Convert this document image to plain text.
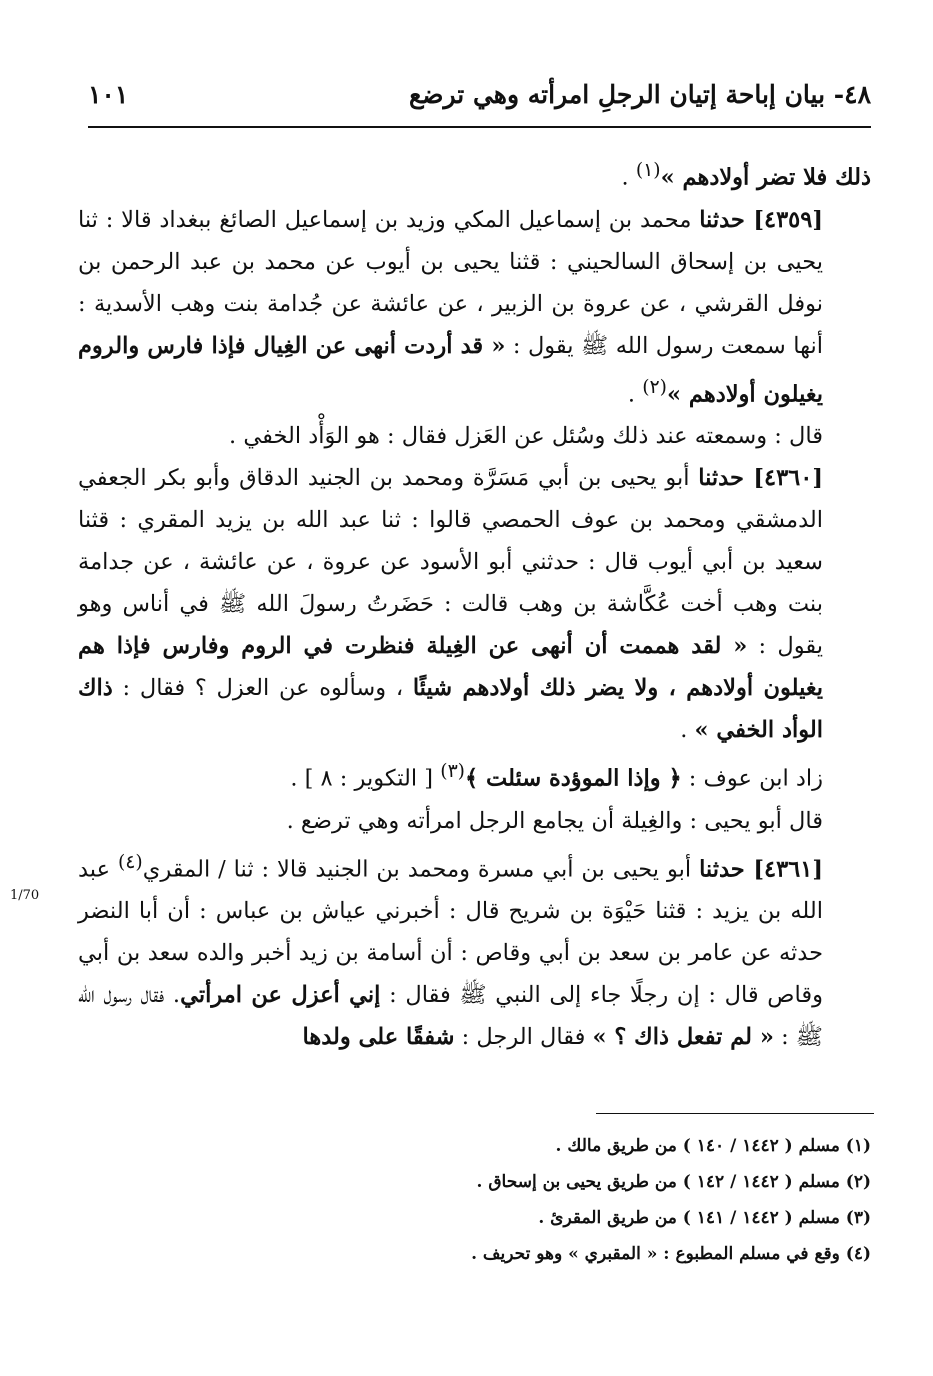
٤٨- بيان إباحة إتيان الرجلِ امرأته وهي ترضع
١٠١

ذلك فلا تضر أولادهم »$^{(١)}$ .

[٤٣٥٩] حدثنا محمد بن إسماعيل المكي وزيد بن إسماعيل الصائغ ببغداد قالا : ثنا يحيى بن إسحاق السالحيني : قثنا يحيى بن أيوب عن محمد بن عبد الرحمن بن نوفل القرشي ، عن عروة بن الزبير ، عن عائشة عن جُدامة بنت وهب الأسدية : أنها سمعت رسول الله ﷺ يقول : « قد أردت أنهى عن الغِيال فإذا فارس والروم يغيلون أولادهم »$^{(٢)}$ .

قال : وسمعته عند ذلك وسُئل عن العَزل فقال : هو الوَأْد الخفي .

[٤٣٦٠] حدثنا أبو يحيى بن أبي مَسَرَّة ومحمد بن الجنيد الدقاق وأبو بكر الجعفي الدمشقي ومحمد بن عوف الحمصي قالوا : ثنا عبد الله بن يزيد المقري : قثنا سعيد بن أبي أيوب قال : حدثني أبو الأسود عن عروة ، عن عائشة ، عن جدامة بنت وهب أخت عُكَّاشة بن وهب قالت : حَضَرتُ رسولَ الله ﷺ في أناس وهو يقول : « لقد هممت أن أنهى عن الغِيلة فنظرت في الروم وفارس فإذا هم يغيلون أولادهم ، ولا يضر ذلك أولادهم شيئًا ، وسألوه عن العزل ؟ فقال : ذاك الوأد الخفي » .

زاد ابن عوف : ﴿ وإذا الموؤدة سئلت ﴾$^{(٣)}$ [ التكوير : ٨ ] .

قال أبو يحيى : والغِيلة أن يجامع الرجل امرأته وهي ترضع .

[٤٣٦١] حدثنا أبو يحيى بن أبي مسرة ومحمد بن الجنيد قالا : ثنا / المقري$^{(٤)}$ عبد الله بن يزيد : قثنا حَيْوَة بن شريح قال : أخبرني عياش بن عباس : أن أبا النضر حدثه عن عامر بن سعد بن أبي وقاص : أن أسامة بن زيد أخبر والده سعد بن أبي وقاص قال : إن رجلًا جاء إلى النبي ﷺ فقال : إني أعزل عن امرأتي. فقال رسول الله ﷺ : « لم تفعل ذاك ؟ » فقال الرجل : شفقًا على ولدها

1/70

(١) مسلم ( ١٤٤٢ / ١٤٠ ) من طريق مالك .

(٢) مسلم ( ١٤٤٢ / ١٤٢ ) من طريق يحيى بن إسحاق .

(٣) مسلم ( ١٤٤٢ / ١٤١ ) من طريق المقرئ .

(٤) وقع في مسلم المطبوع : « المقبري » وهو تحريف .
